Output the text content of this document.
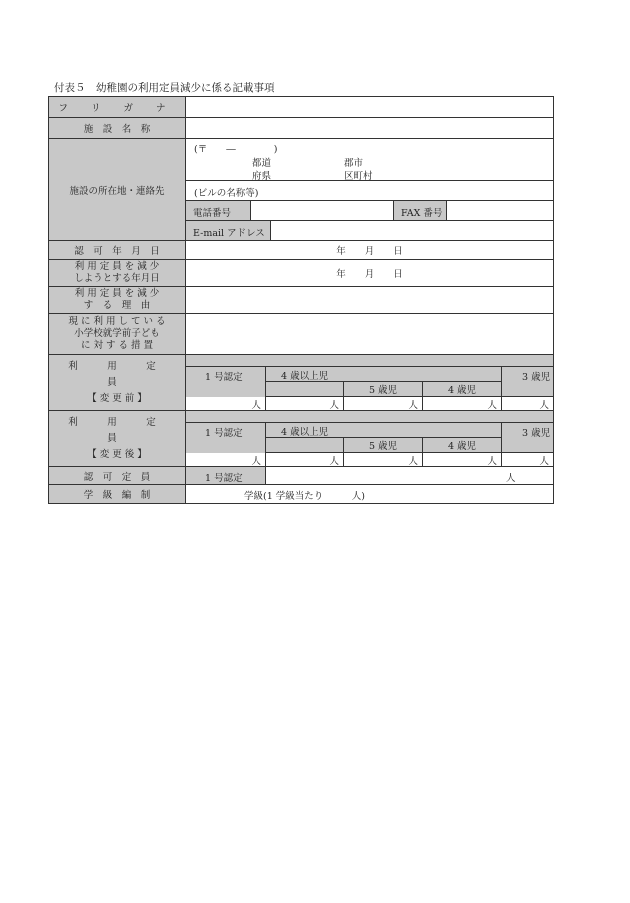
付表５　幼稚園の利用定員減少に係る記載事項
フ リ ガ ナ
施　設　名　称
施設の所在地・連絡先
(〒　　―　　　　)
都道
府県
郡市
区町村
(ビルの名称等)
電話番号	FAX 番号
E-mail アドレス
認　可　年　月　日	年　　月　　日
利 用 定 員 を 減 少
しようとする年月日	年　　月　　日
利 用 定 員 を 減 少
す　る　理　由
現 に 利 用 し て い る
小学校就学前子ども
に 対 す る 措 置
利　用　定　員
【 変 更 前 】
1 号認定	4 歳以上児
5 歳児	4 歳児
3 歳児
人	人	人	人	人
利　用　定　員
【 変 更 後 】
1 号認定	4 歳以上児
5 歳児	4 歳児
3 歳児
人	人	人	人	人
認　可　定　員	1 号認定	人
学　級　編　制	学級(1 学級当たり　　　人)
